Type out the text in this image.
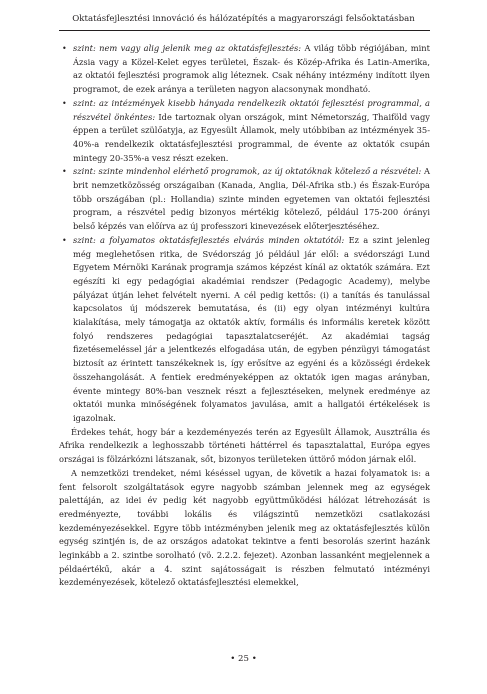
Oktatásfejlesztési innováció és hálózatépítés a magyarországi felsőoktatásban
• szint: nem vagy alig jelenik meg az oktatásfejlesztés: A világ több régiójában, mint Ázsia vagy a Közel-Kelet egyes területei, Észak- és Közép-Afrika és Latin-Amerika, az oktatói fejlesztési programok alig léteznek. Csak néhány intézmény indított ilyen programot, de ezek aránya a területen nagyon alacsonynak mondható.
• szint: az intézmények kisebb hányada rendelkezik oktatói fejlesztési programmal, a részvétel önkéntes: Ide tartoznak olyan országok, mint Németország, Thaiföld vagy éppen a terület szülőatyja, az Egyesült Államok, mely utóbbiban az intézmények 35-40%-a rendelkezik oktatásfejlesztési programmal, de évente az oktatók csupán mintegy 20-35%-a vesz részt ezeken.
• szint: szinte mindenhol elérhető programok, az új oktatóknak kötelező a részvétel: A brit nemzetközösség országaiban (Kanada, Anglia, Dél-Afrika stb.) és Észak-Európa több országában (pl.: Hollandia) szinte minden egyetemen van oktatói fejlesztési program, a részvétel pedig bizonyos mértékig kötelező, például 175-200 órányi belső képzés van előírva az új professzori kinevezések előterjesztéséhez.
• szint: a folyamatos oktatásfejlesztés elvárás minden oktatótól: Ez a szint jelenleg még meglehetősen ritka, de Svédország jó például jár elől: a svédországi Lund Egyetem Mérnöki Karának programja számos képzést kínál az oktatók számára. Ezt egészíti ki egy pedagógiai akadémiai rendszer (Pedagogic Academy), melybe pályázat útján lehet felvételt nyerni. A cél pedig kettős: (i) a tanítás és tanulással kapcsolatos új módszerek bemutatása, és (ii) egy olyan intézményi kultúra kialakítása, mely támogatja az oktatók aktív, formális és informális keretek között folyó rendszeres pedagógiai tapasztalatcseréjét. Az akadémiai tagság fizetésemeléssel jár a jelentkezés elfogadása után, de egyben pénzügyi támogatást biztosít az érintett tanszékeknek is, így erősítve az egyéni és a közösségi érdekek összehangolását. A fentiek eredményeképpen az oktatók igen magas arányban, évente mintegy 80%-ban vesznek részt a fejlesztéseken, melynek eredménye az oktatói munka minőségének folyamatos javulása, amit a hallgatói értékelések is igazolnak.

Érdekes tehát, hogy bár a kezdeményezés terén az Egyesült Államok, Ausztrália és Afrika rendelkezik a leghosszabb történeti háttérrel és tapasztalattal, Európa egyes országai is fölzárkózni látszanak, sőt, bizonyos területeken úttörő módon járnak elől.

A nemzetközi trendeket, némi késéssel ugyan, de követik a hazai folyamatok is: a fent felsorolt szolgáltatások egyre nagyobb számban jelennek meg az egységek palettáján, az idei év pedig két nagyobb együttműködési hálózat létrehozását is eredményezte, további lokális és világszintű nemzetközi csatlakozási kezdeményezésekkel. Egyre több intézményben jelenik meg az oktatásfejlesztés külön egység szintjén is, de az országos adatokat tekintve a fenti besorolás szerint hazánk leginkább a 2. szintbe sorolható (vö. 2.2.2. fejezet). Azonban lassanként megjelennek a példaértékű, akár a 4. szint sajátosságait is részben felmutató intézményi kezdeményezések, kötelező oktatásfejlesztési elemekkel,

• 25 •
